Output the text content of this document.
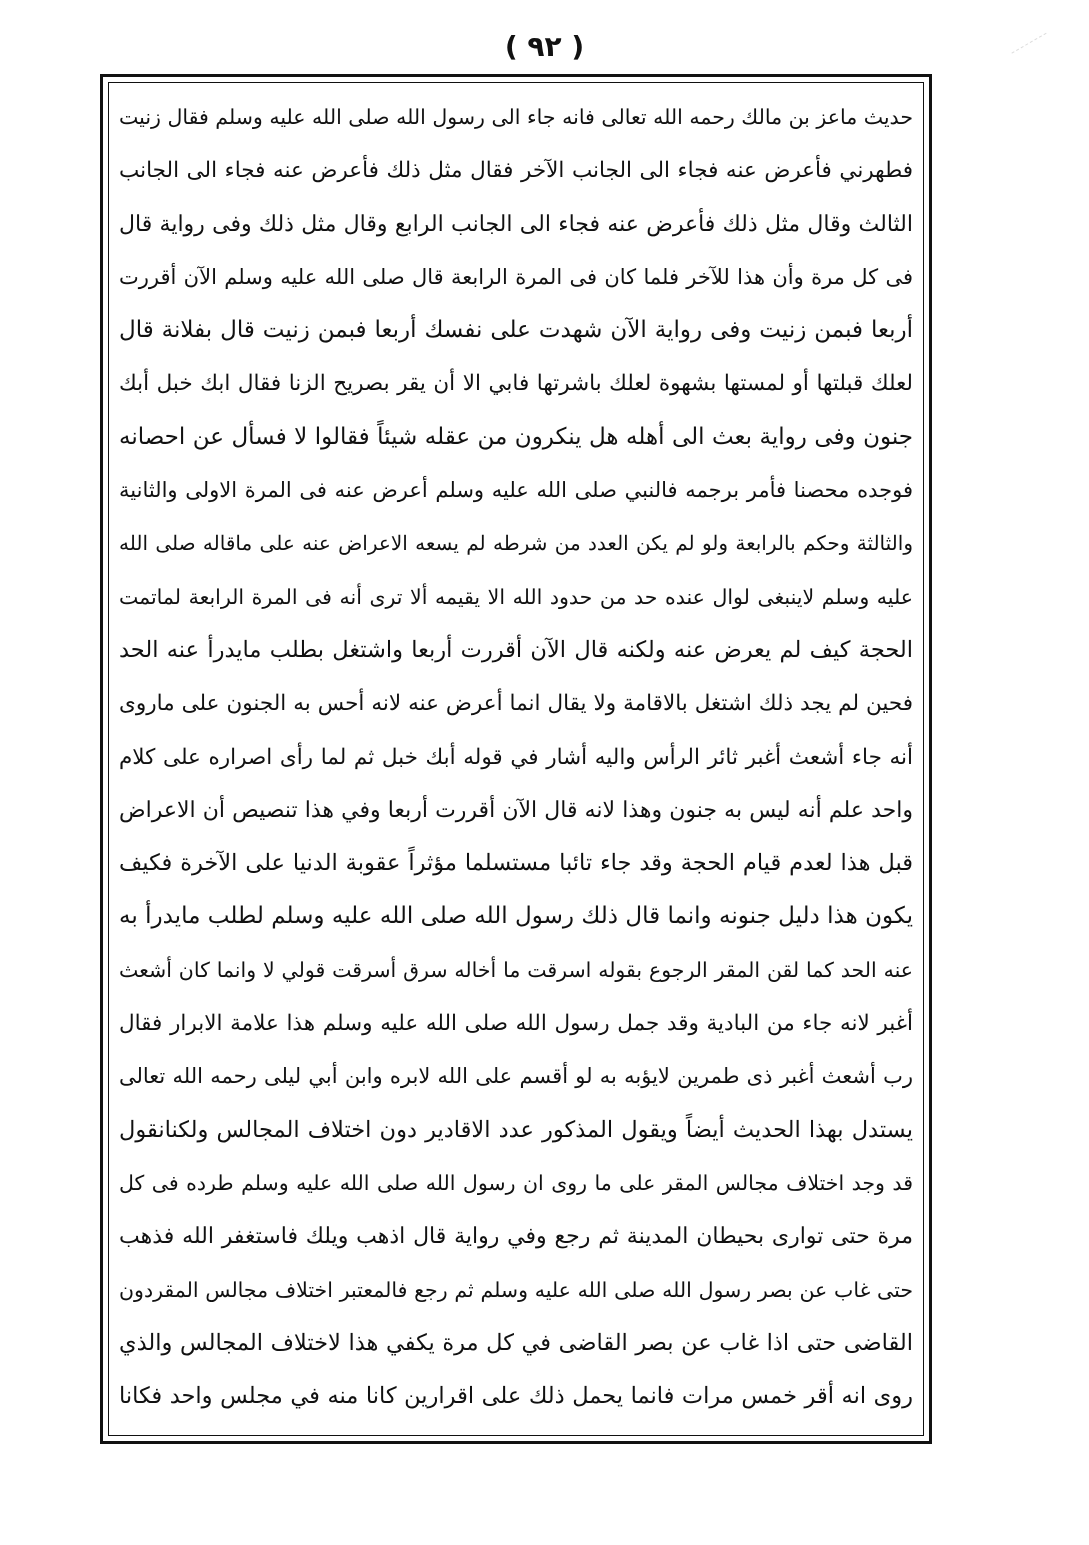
( ٩٢ )
حديث ماعز بن مالك رحمه الله تعالى فانه جاء الى رسول الله صلى الله عليه وسلم فقال زنيت
فطهرني فأعرض عنه فجاء الى الجانب الآخر فقال مثل ذلك فأعرض عنه فجاء الى الجانب
الثالث وقال مثل ذلك فأعرض عنه فجاء الى الجانب الرابع وقال مثل ذلك وفى رواية قال
فى كل مرة وأن هذا للآخر فلما كان فى المرة الرابعة قال صلى الله عليه وسلم الآن أقررت
أربعا فبمن زنيت وفى رواية الآن شهدت على نفسك أربعا فبمن زنيت قال بفلانة قال
لعلك قبلتها أو لمستها بشهوة لعلك باشرتها فابي الا أن يقر بصريح الزنا فقال ابك خبل أبك
جنون وفى رواية بعث الى أهله هل ينكرون من عقله شيئاً فقالوا لا فسأل عن احصانه
فوجده محصنا فأمر برجمه فالنبي صلى الله عليه وسلم أعرض عنه فى المرة الاولى والثانية
والثالثة وحكم بالرابعة ولو لم يكن العدد من شرطه لم يسعه الاعراض عنه على ماقاله صلى الله
عليه وسلم لاينبغى لوال عنده حد من حدود الله الا يقيمه ألا ترى أنه فى المرة الرابعة لماتمت
الحجة كيف لم يعرض عنه ولكنه قال الآن أقررت أربعا واشتغل بطلب مايدرأ عنه الحد
فحين لم يجد ذلك اشتغل بالاقامة ولا يقال انما أعرض عنه لانه أحس به الجنون على ماروى
أنه جاء أشعث أغبر ثائر الرأس واليه أشار في قوله أبك خبل ثم لما رأى اصراره على كلام
واحد علم أنه ليس به جنون وهذا لانه قال الآن أقررت أربعا وفي هذا تنصيص أن الاعراض
قبل هذا لعدم قيام الحجة وقد جاء تائبا مستسلما مؤثراً عقوبة الدنيا على الآخرة فكيف
يكون هذا دليل جنونه وانما قال ذلك رسول الله صلى الله عليه وسلم لطلب مايدرأ به
عنه الحد كما لقن المقر الرجوع بقوله اسرقت ما أخاله سرق أسرقت قولي لا وانما كان أشعث
أغبر لانه جاء من البادية وقد جمل رسول الله صلى الله عليه وسلم هذا علامة الابرار فقال
رب أشعث أغبر ذى طمرين لايؤبه به لو أقسم على الله لابره وابن أبي ليلى رحمه الله تعالى
يستدل بهذا الحديث أيضاً ويقول المذكور عدد الاقادير دون اختلاف المجالس ولكنانقول
قد وجد اختلاف مجالس المقر على ما روى ان رسول الله صلى الله عليه وسلم طرده فى كل
مرة حتى توارى بحيطان المدينة ثم رجع وفي رواية قال اذهب ويلك فاستغفر الله فذهب
حتى غاب عن بصر رسول الله صلى الله عليه وسلم ثم رجع فالمعتبر اختلاف مجالس المقردون
القاضى حتى اذا غاب عن بصر القاضى في كل مرة يكفي هذا لاختلاف المجالس والذي
روى انه أقر خمس مرات فانما يحمل ذلك على اقرارين كانا منه في مجلس واحد فكانا
